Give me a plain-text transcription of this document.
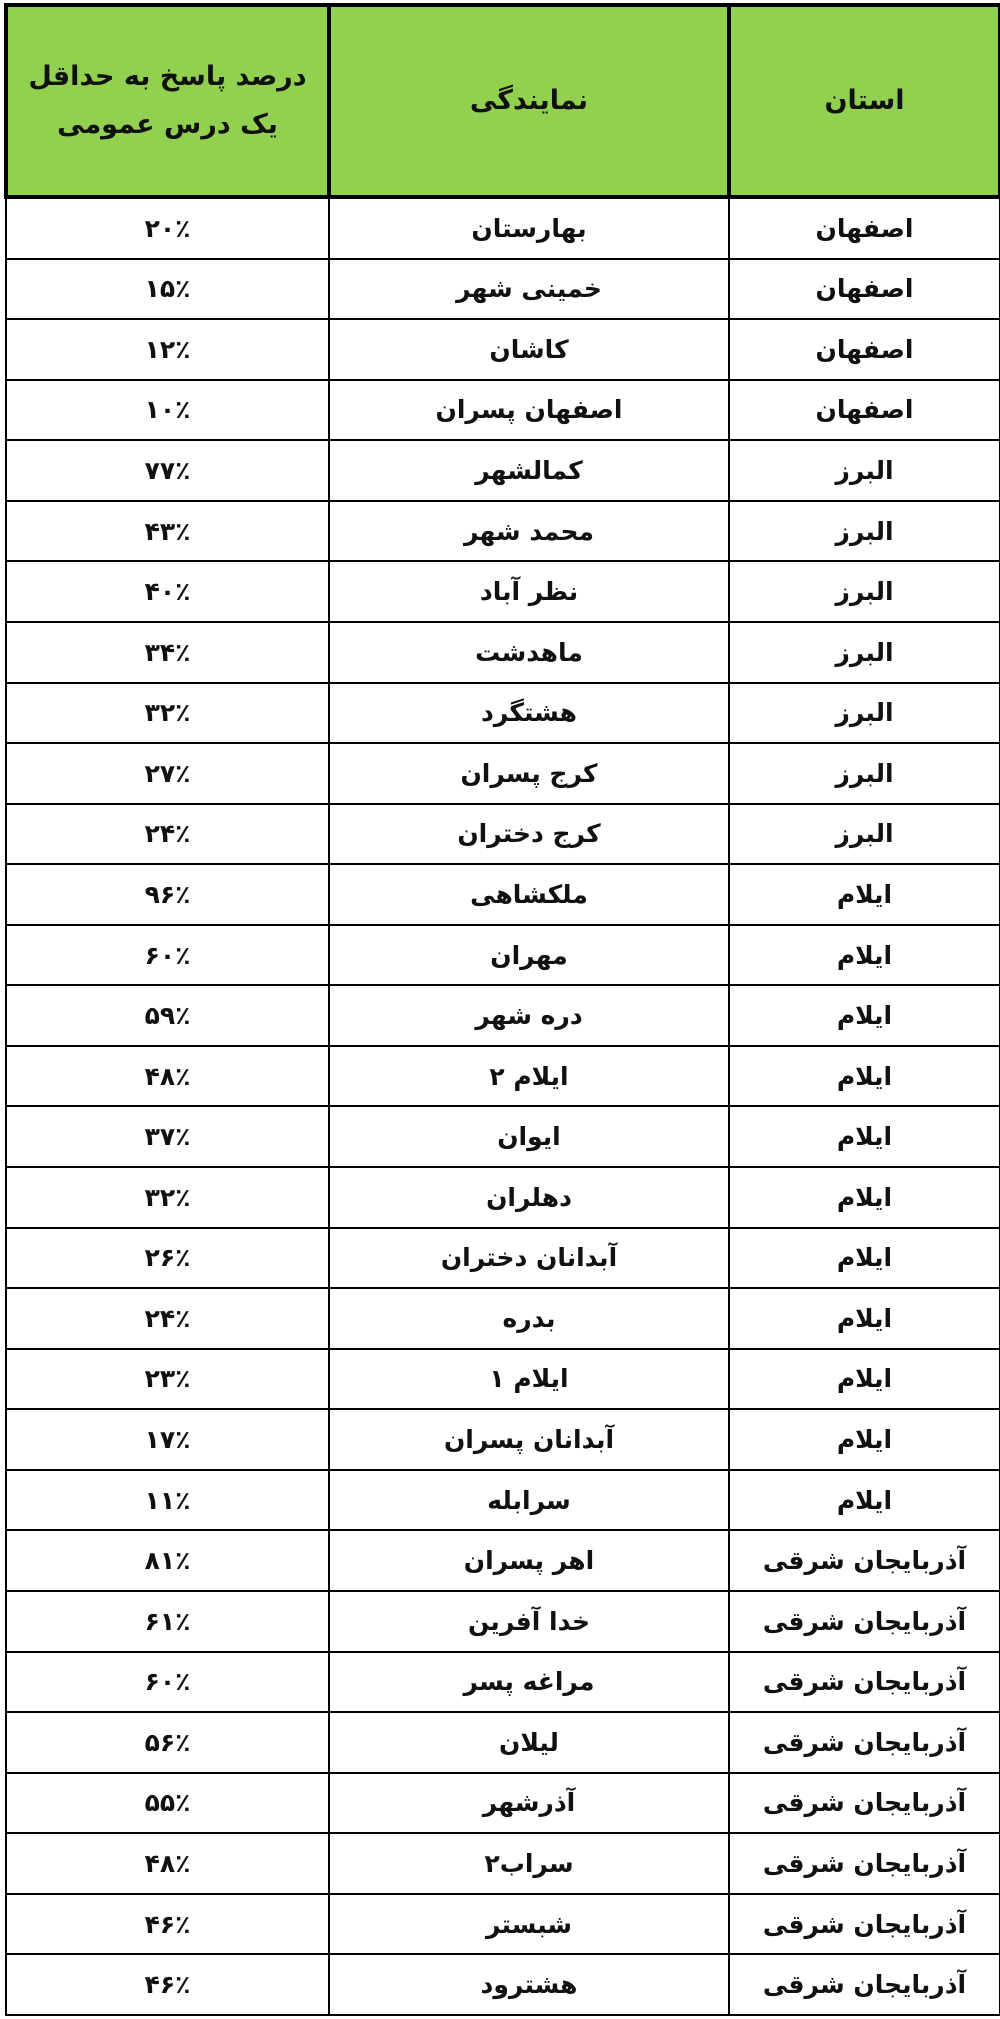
استان	نمایندگی	درصد پاسخ به حداقل یک درس عمومی
اصفهان	بهارستان	۲۰٪
اصفهان	خمینی شهر	۱۵٪
اصفهان	کاشان	۱۲٪
اصفهان	اصفهان پسران	۱۰٪
البرز	کمالشهر	۷۷٪
البرز	محمد شهر	۴۳٪
البرز	نظر آباد	۴۰٪
البرز	ماهدشت	۳۴٪
البرز	هشتگرد	۳۲٪
البرز	کرج پسران	۲۷٪
البرز	کرج دختران	۲۴٪
ایلام	ملکشاهی	۹۶٪
ایلام	مهران	۶۰٪
ایلام	دره شهر	۵۹٪
ایلام	ایلام ۲	۴۸٪
ایلام	ایوان	۳۷٪
ایلام	دهلران	۳۲٪
ایلام	آبدانان دختران	۲۶٪
ایلام	بدره	۲۴٪
ایلام	ایلام ۱	۲۳٪
ایلام	آبدانان پسران	۱۷٪
ایلام	سرابله	۱۱٪
آذربایجان شرقی	اهر پسران	۸۱٪
آذربایجان شرقی	خدا آفرین	۶۱٪
آذربایجان شرقی	مراغه پسر	۶۰٪
آذربایجان شرقی	لیلان	۵۶٪
آذربایجان شرقی	آذرشهر	۵۵٪
آذربایجان شرقی	سراب۲	۴۸٪
آذربایجان شرقی	شبستر	۴۶٪
آذربایجان شرقی	هشترود	۴۶٪
